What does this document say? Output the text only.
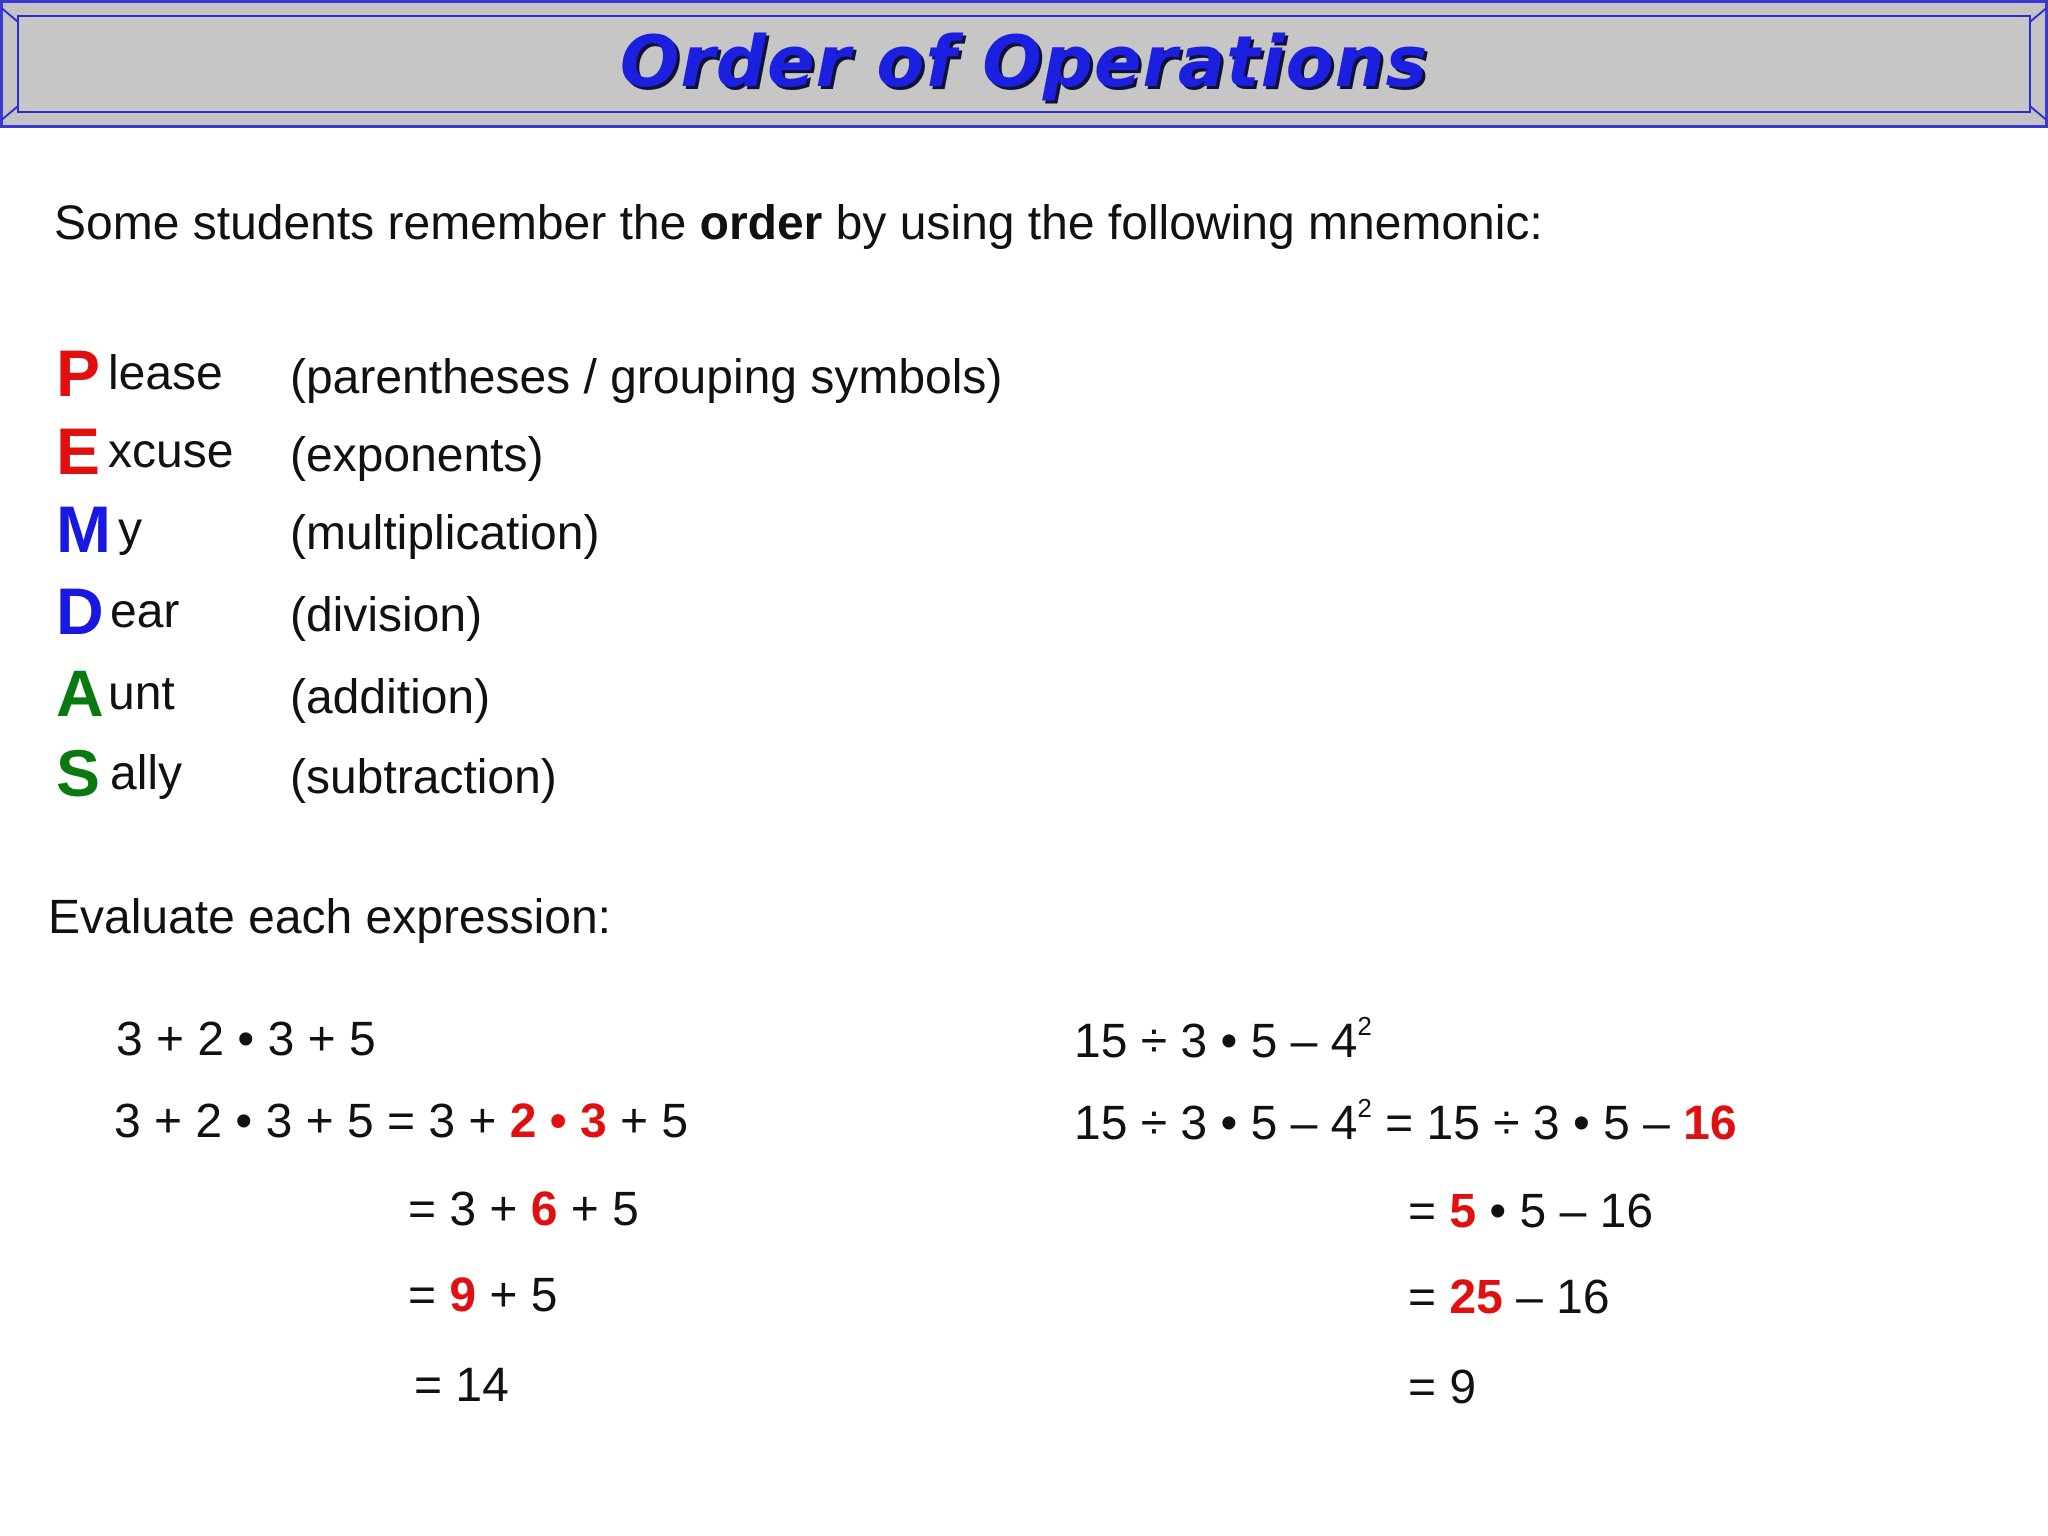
Order of Operations
Some students remember the order by using the following mnemonic:
P lease (parentheses / grouping symbols)
E xcuse (exponents)
M y	(multiplication)
D ear (division)
A unt (addition)
S ally (subtraction)
Evaluate each expression:
3 + 2 • 3 + 5
3 + 2 • 3 + 5 = 3 + 2 • 3 + 5
= 3 + 6 + 5
= 9 + 5
= 14
15 ÷ 3 • $5 - 4^2$
15 ÷ 3 • $5 - 4^2 = 15 \div 3$ • 5 – 16
= 5 • 5 – 16
= 25 – 16
= 9
